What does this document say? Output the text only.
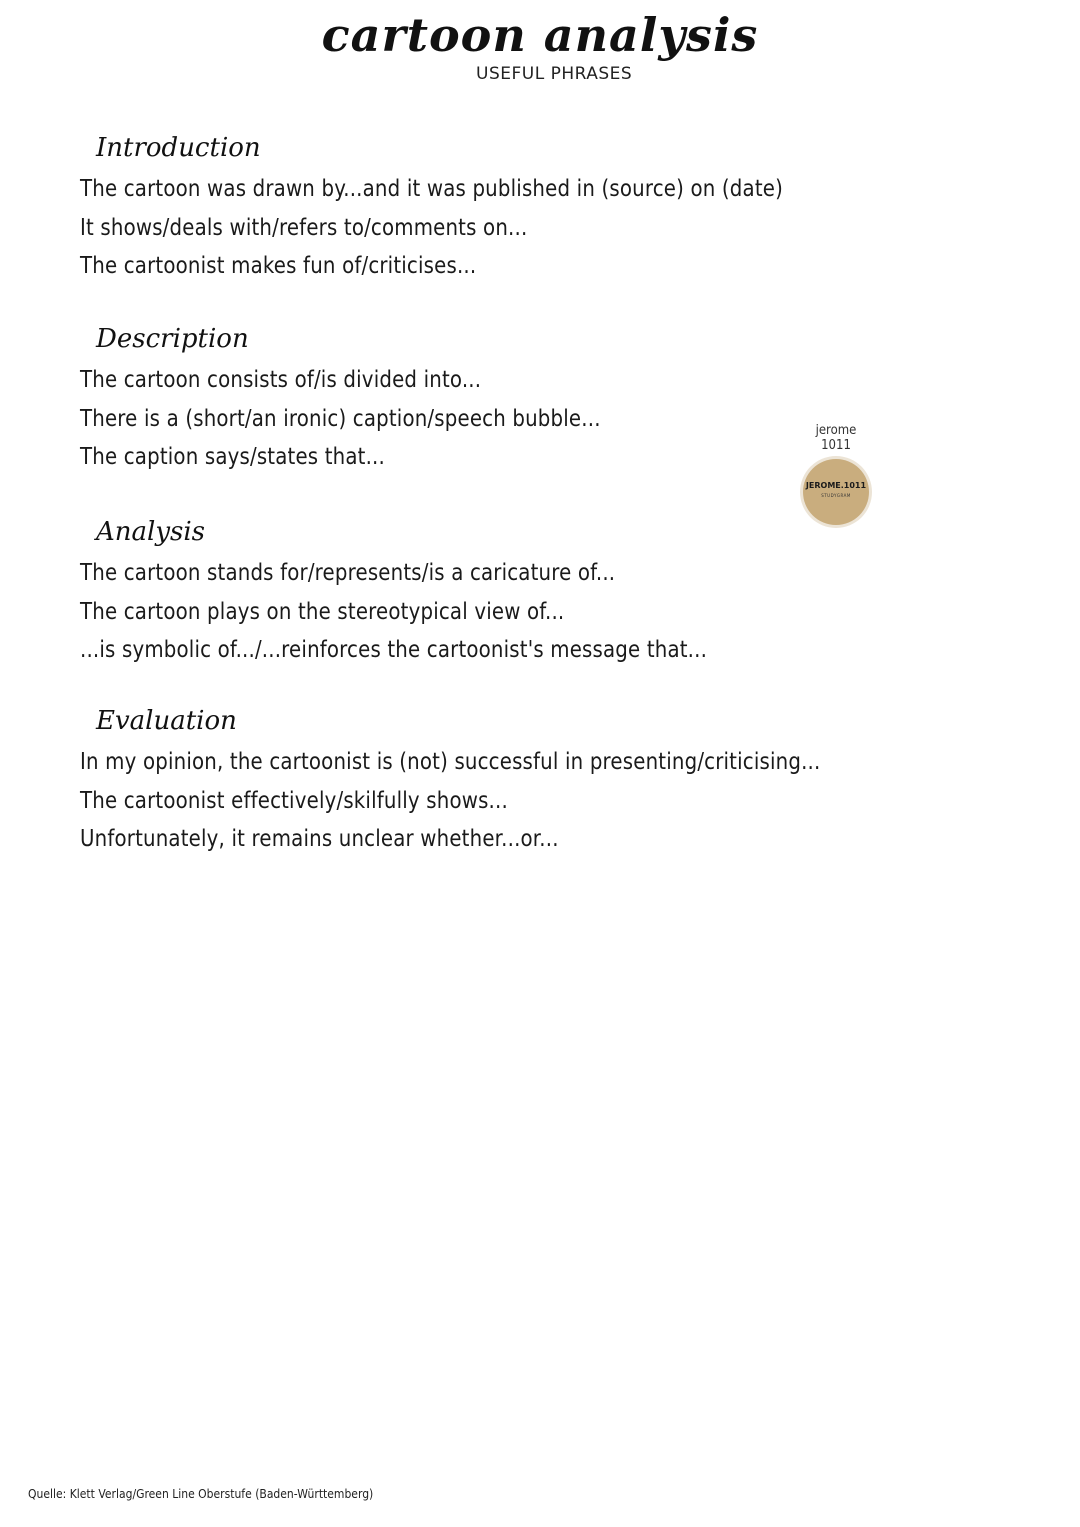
cartoon analysis
USEFUL PHRASES
Introduction
The cartoon was drawn by...and it was published in (source) on (date)
It shows/deals with/refers to/comments on...
The cartoonist makes fun of/criticises...
Description
The cartoon consists of/is divided into...
There is a (short/an ironic) caption/speech bubble...
The caption says/states that...
Analysis
The cartoon stands for/represents/is a caricature of...
The cartoon plays on the stereotypical view of...
...is symbolic of.../...reinforces the cartoonist's message that...
Evaluation
In my opinion, the cartoonist is (not) successful in presenting/criticising...
The cartoonist effectively/skilfully shows...
Unfortunately, it remains unclear whether...or...
jerome 1011
JEROME.1011
STUDYGRAM
Quelle: Klett Verlag/Green Line Oberstufe (Baden-Württemberg)
